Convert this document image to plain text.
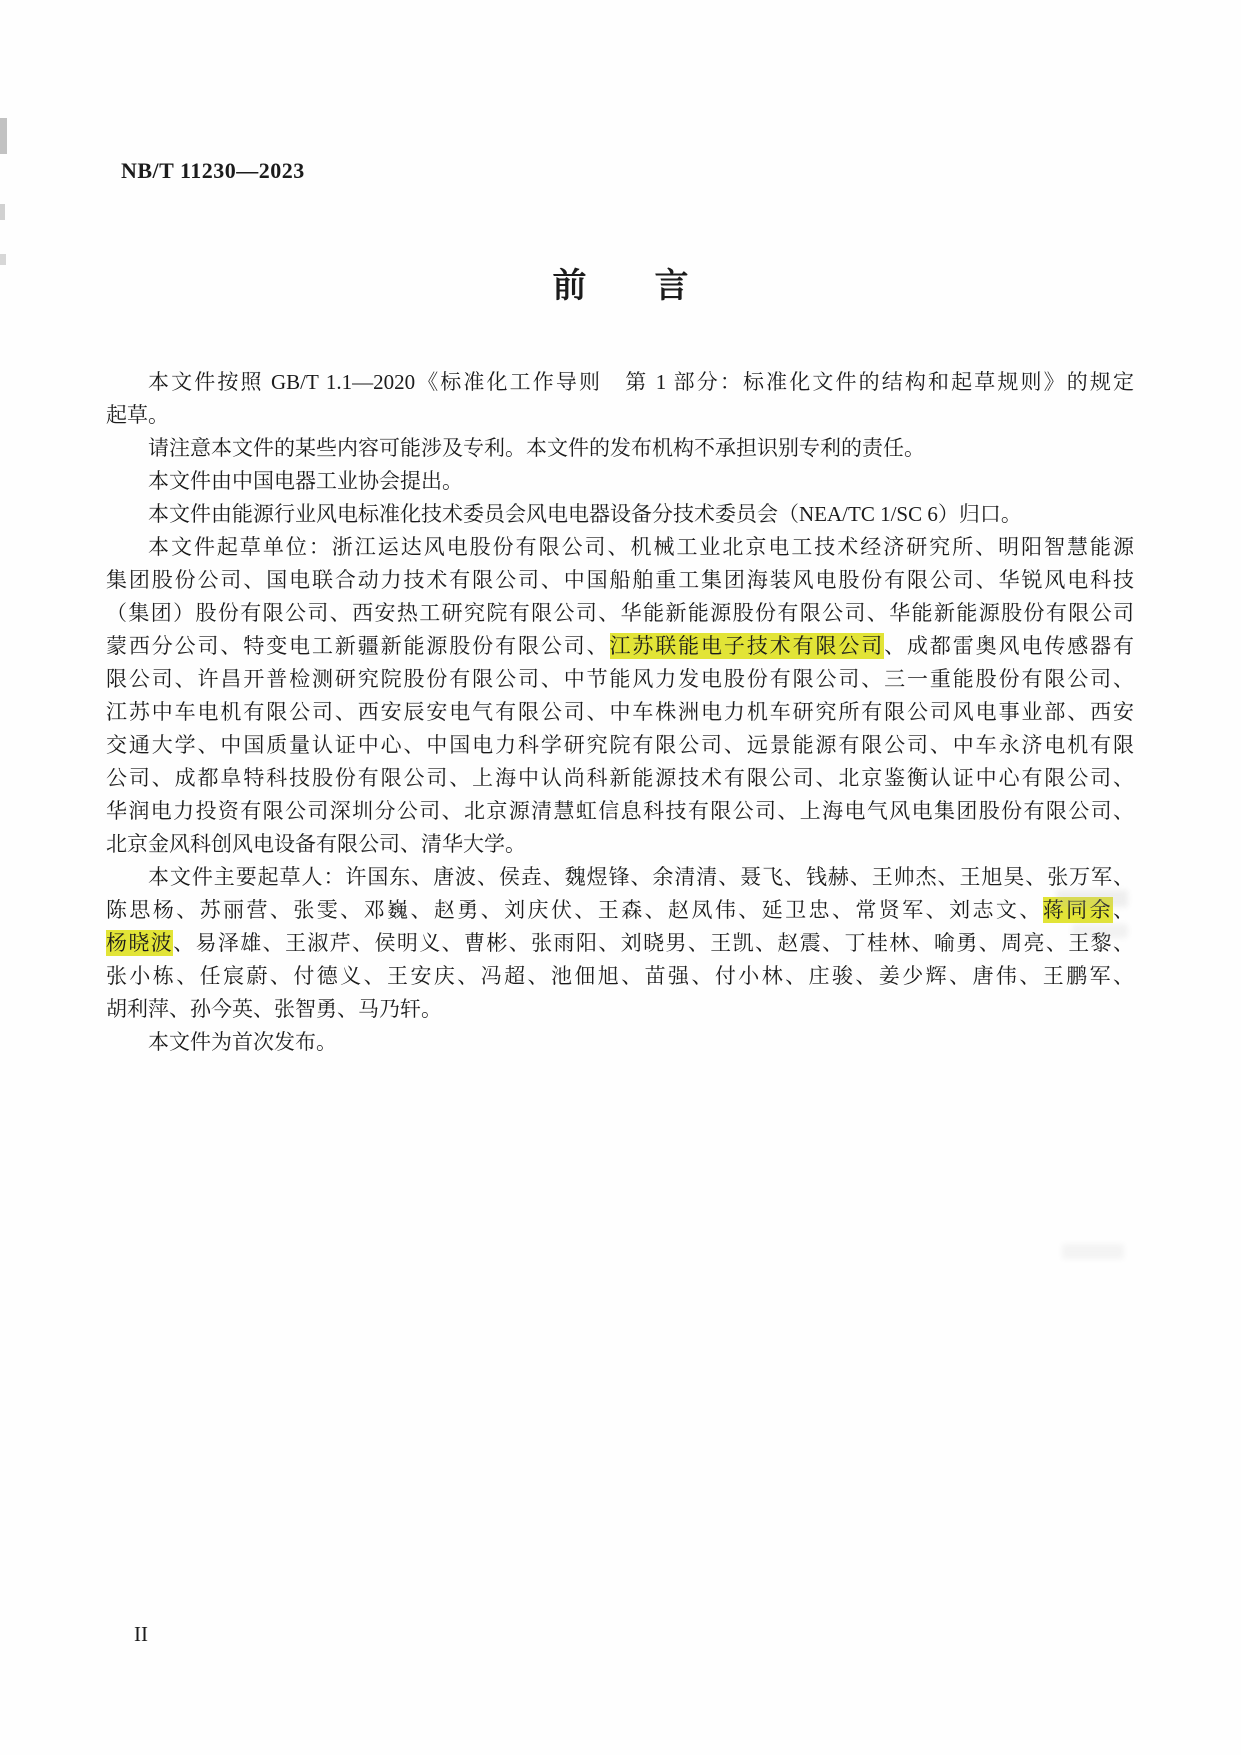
NB/T 11230—2023
前　　言
本文件按照 GB/T 1.1—2020《标准化工作导则　第 1 部分：标准化文件的结构和起草规则》的规定
起草。
请注意本文件的某些内容可能涉及专利。本文件的发布机构不承担识别专利的责任。
本文件由中国电器工业协会提出。
本文件由能源行业风电标准化技术委员会风电电器设备分技术委员会（NEA/TC 1/SC 6）归口。
本文件起草单位：浙江运达风电股份有限公司、机械工业北京电工技术经济研究所、明阳智慧能源
集团股份公司、国电联合动力技术有限公司、中国船舶重工集团海装风电股份有限公司、华锐风电科技
（集团）股份有限公司、西安热工研究院有限公司、华能新能源股份有限公司、华能新能源股份有限公司
蒙西分公司、特变电工新疆新能源股份有限公司、江苏联能电子技术有限公司、成都雷奥风电传感器有
限公司、许昌开普检测研究院股份有限公司、中节能风力发电股份有限公司、三一重能股份有限公司、
江苏中车电机有限公司、西安辰安电气有限公司、中车株洲电力机车研究所有限公司风电事业部、西安
交通大学、中国质量认证中心、中国电力科学研究院有限公司、远景能源有限公司、中车永济电机有限
公司、成都阜特科技股份有限公司、上海中认尚科新能源技术有限公司、北京鉴衡认证中心有限公司、
华润电力投资有限公司深圳分公司、北京源清慧虹信息科技有限公司、上海电气风电集团股份有限公司、
北京金风科创风电设备有限公司、清华大学。
本文件主要起草人：许国东、唐波、侯垚、魏煜锋、余清清、聂飞、钱赫、王帅杰、王旭昊、张万军、
陈思杨、苏丽营、张雯、邓巍、赵勇、刘庆伏、王森、赵凤伟、延卫忠、常贤军、刘志文、蒋同余、
杨晓波、易泽雄、王淑芹、侯明义、曹彬、张雨阳、刘晓男、王凯、赵震、丁桂林、喻勇、周亮、王黎、
张小栋、任宸蔚、付德义、王安庆、冯超、池佃旭、苗强、付小林、庄骏、姜少辉、唐伟、王鹏军、
胡利萍、孙今英、张智勇、马乃轩。
本文件为首次发布。
II
